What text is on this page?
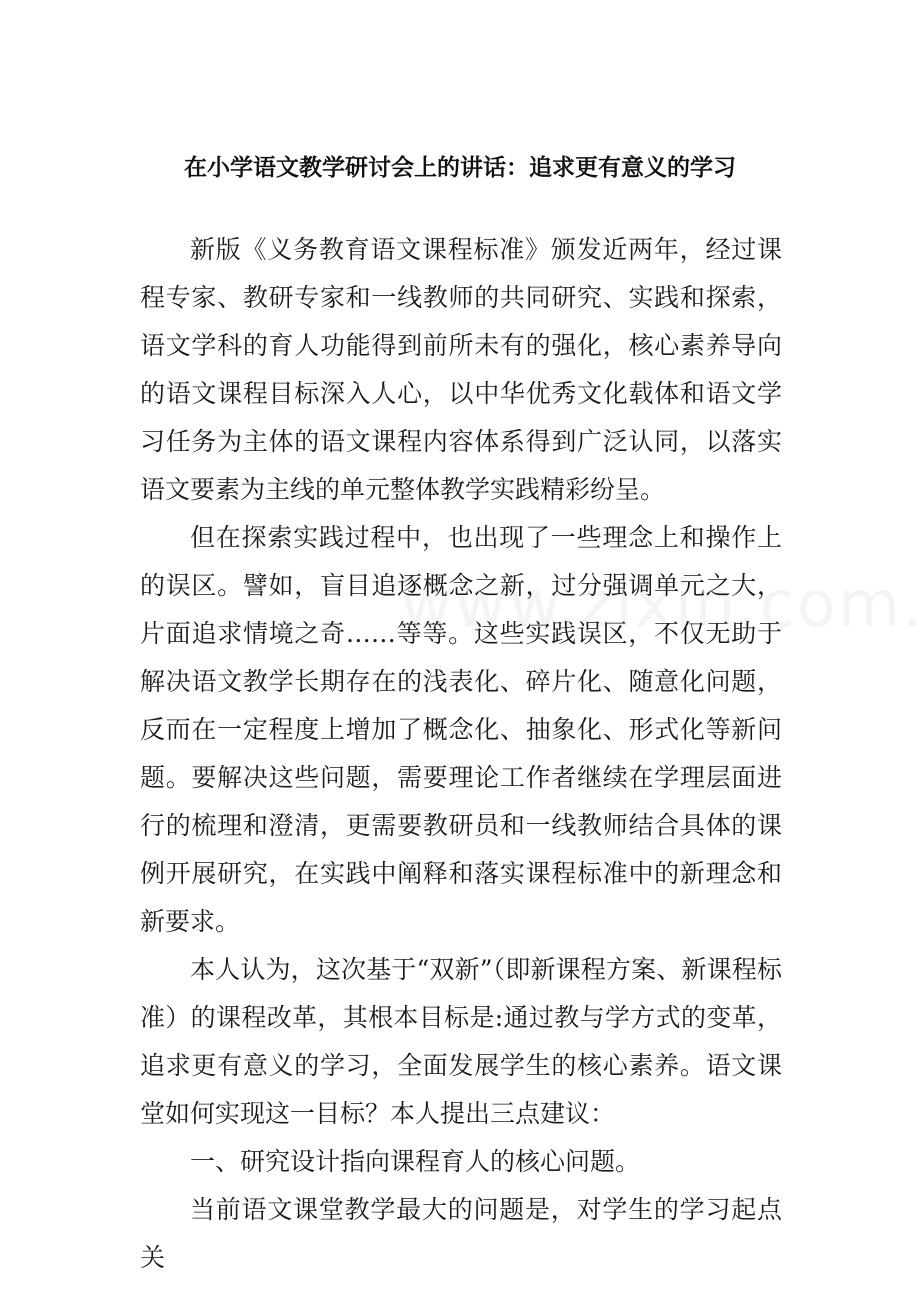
在小学语文教学研讨会上的讲话：追求更有意义的学习

新版《义务教育语文课程标准》颁发近两年，经过课程专家、教研专家和一线教师的共同研究、实践和探索，语文学科的育人功能得到前所未有的强化，核心素养导向的语文课程目标深入人心，以中华优秀文化载体和语文学习任务为主体的语文课程内容体系得到广泛认同，以落实语文要素为主线的单元整体教学实践精彩纷呈。

但在探索实践过程中，也出现了一些理念上和操作上的误区。譬如，盲目追逐概念之新，过分强调单元之大，片面追求情境之奇……等等。这些实践误区，不仅无助于解决语文教学长期存在的浅表化、碎片化、随意化问题，反而在一定程度上增加了概念化、抽象化、形式化等新问题。要解决这些问题，需要理论工作者继续在学理层面进行的梳理和澄清，更需要教研员和一线教师结合具体的课例开展研究，在实践中阐释和落实课程标准中的新理念和新要求。

本人认为，这次基于“双新”（即新课程方案、新课程标准）的课程改革，其根本目标是:通过教与学方式的变革，追求更有意义的学习，全面发展学生的核心素养。语文课堂如何实现这一目标？本人提出三点建议：

一、研究设计指向课程育人的核心问题。

当前语文课堂教学最大的问题是，对学生的学习起点关
